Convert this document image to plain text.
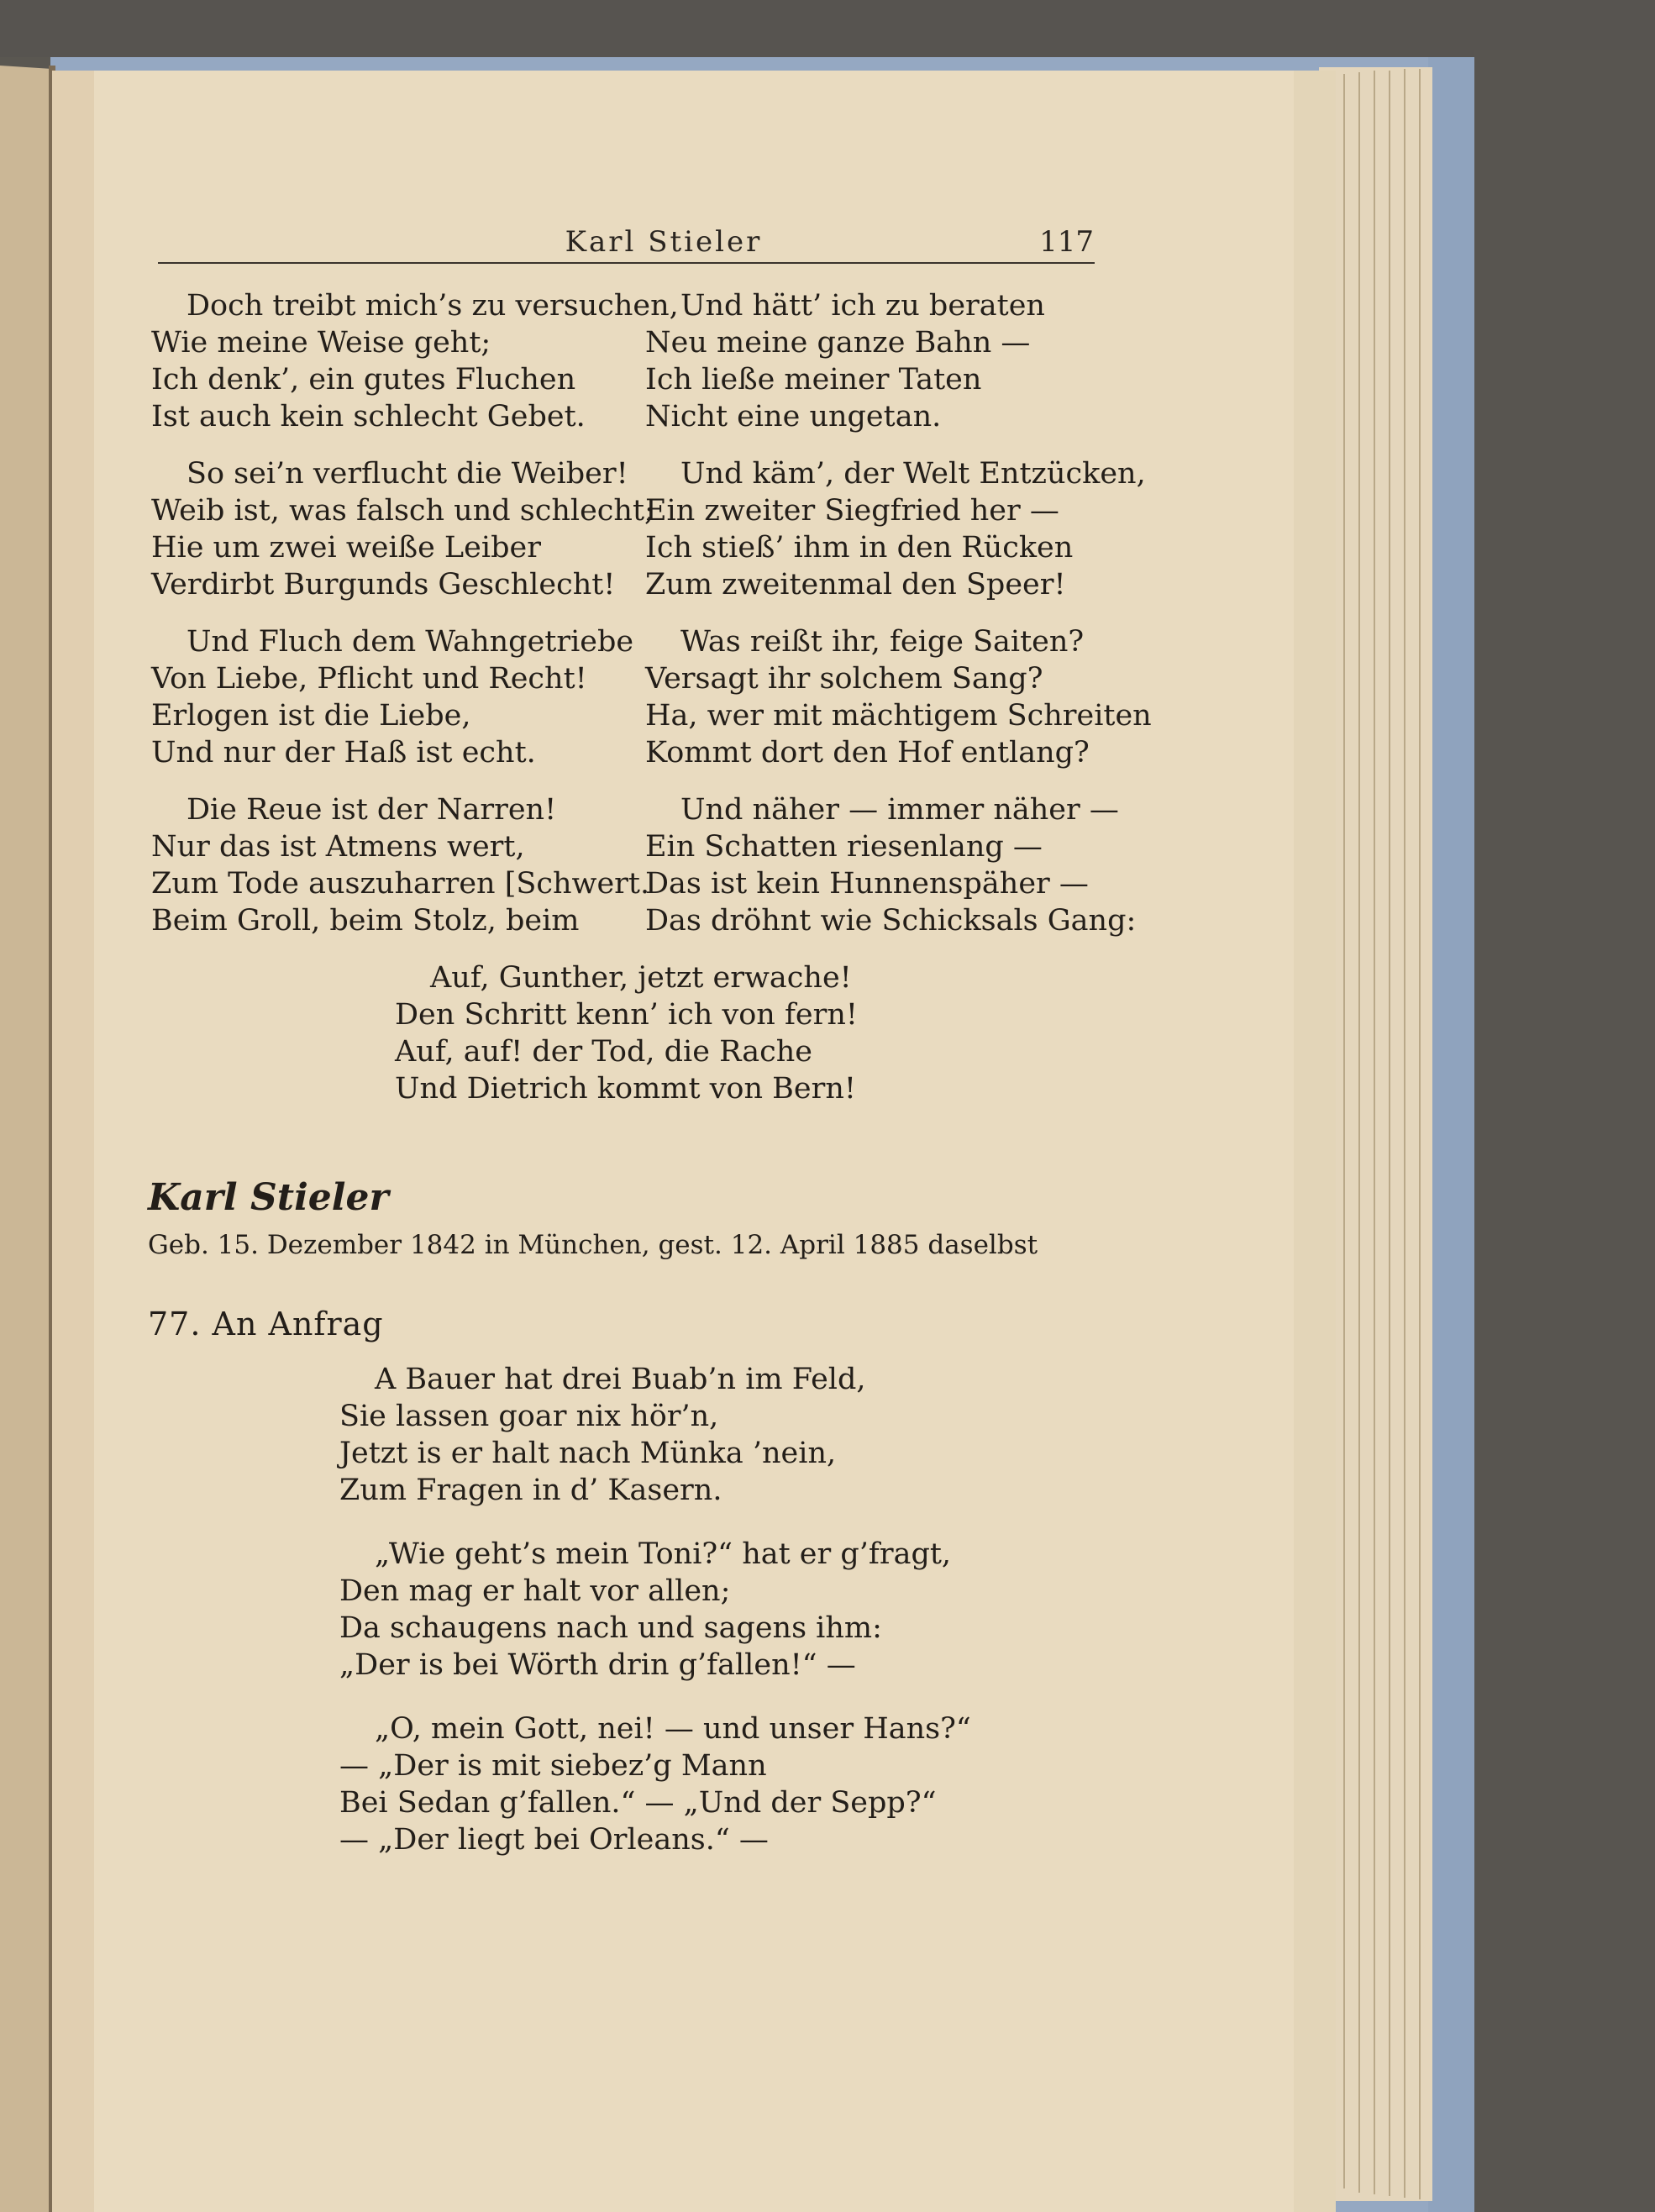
Karl Stieler	117
Doch treibt mich’s zu versuchen,
Wie meine Weise geht;
Ich denk’, ein gutes Fluchen
Ist auch kein schlecht Gebet.
So sei’n verflucht die Weiber!
Weib ist, was falsch und schlecht;
Hie um zwei weiße Leiber
Verdirbt Burgunds Geschlecht!
Und Fluch dem Wahngetriebe
Von Liebe, Pflicht und Recht!
Erlogen ist die Liebe,
Und nur der Haß ist echt.
Die Reue ist der Narren!
Nur das ist Atmens wert,
Zum Tode auszuharren [Schwert.
Beim Groll, beim Stolz, beim
Und hätt’ ich zu beraten
Neu meine ganze Bahn —
Ich ließe meiner Taten
Nicht eine ungetan.
Und käm’, der Welt Entzücken,
Ein zweiter Siegfried her —
Ich stieß’ ihm in den Rücken
Zum zweitenmal den Speer!
Was reißt ihr, feige Saiten?
Versagt ihr solchem Sang?
Ha, wer mit mächtigem Schreiten
Kommt dort den Hof entlang?
Und näher — immer näher —
Ein Schatten riesenlang —
Das ist kein Hunnenspäher —
Das dröhnt wie Schicksals Gang:
Auf, Gunther, jetzt erwache!
Den Schritt kenn’ ich von fern!
Auf, auf! der Tod, die Rache
Und Dietrich kommt von Bern!
Karl Stieler
Geb. 15. Dezember 1842 in München, gest. 12. April 1885 daselbst
77. An Anfrag
A Bauer hat drei Buab’n im Feld,
Sie lassen goar nix hör’n,
Jetzt is er halt nach Münka ’nein,
Zum Fragen in d’ Kasern.
„Wie geht’s mein Toni?“ hat er g’fragt,
Den mag er halt vor allen;
Da schaugens nach und sagens ihm:
„Der is bei Wörth drin g’fallen!“ —
„O, mein Gott, nei! — und unser Hans?“
— „Der is mit siebez’g Mann
Bei Sedan g’fallen.“ — „Und der Sepp?“
— „Der liegt bei Orleans.“ —
